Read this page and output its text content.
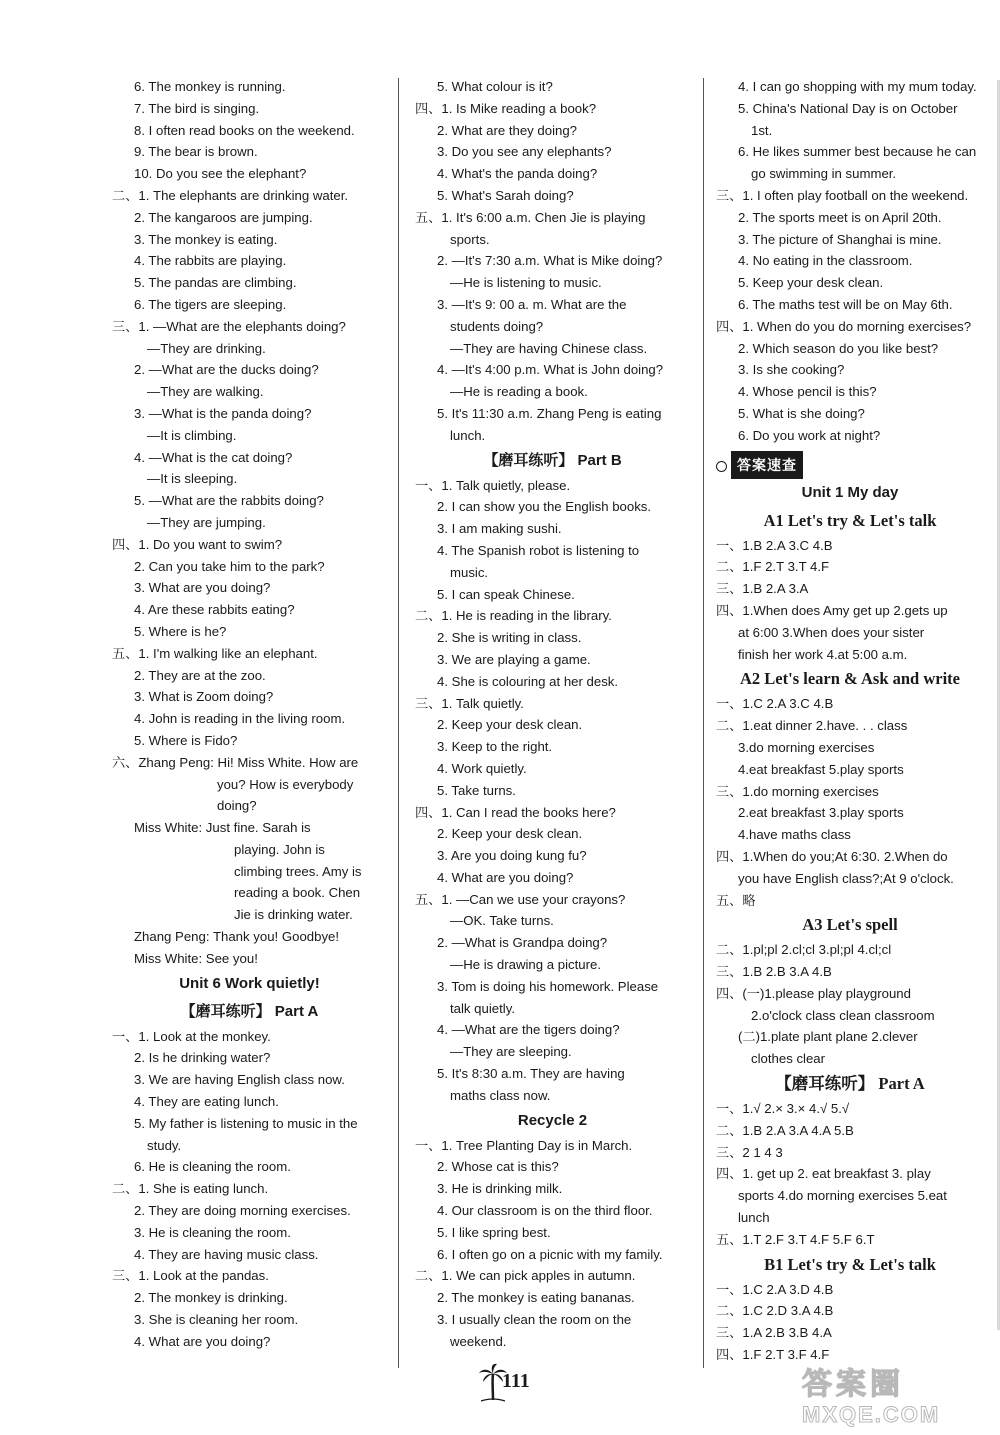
6. The monkey is running.
7. The bird is singing.
8. I often read books on the weekend.
9. The bear is brown.
10. Do you see the elephant?
二、1. The elephants are drinking water.
2. The kangaroos are jumping.
3. The monkey is eating.
4. The rabbits are playing.
5. The pandas are climbing.
6. The tigers are sleeping.
三、1. —What are the elephants doing?
—They are drinking.
2. —What are the ducks doing?
—They are walking.
3. —What is the panda doing?
—It is climbing.
4. —What is the cat doing?
—It is sleeping.
5. —What are the rabbits doing?
—They are jumping.
四、1. Do you want to swim?
2. Can you take him to the park?
3. What are you doing?
4. Are these rabbits eating?
5. Where is he?
五、1. I'm walking like an elephant.
2. They are at the zoo.
3. What is Zoom doing?
4. John is reading in the living room.
5. Where is Fido?
六、Zhang Peng: Hi! Miss White. How are
you? How is everybody
doing?
Miss White: Just fine. Sarah is
playing. John is
climbing trees. Amy is
reading a book. Chen
Jie is drinking water.
Zhang Peng: Thank you! Goodbye!
Miss White: See you!
Unit 6 Work quietly!
【磨耳练听】 Part A
一、1. Look at the monkey.
2. Is he drinking water?
3. We are having English class now.
4. They are eating lunch.
5. My father is listening to music in the
study.
6. He is cleaning the room.
二、1. She is eating lunch.
2. They are doing morning exercises.
3. He is cleaning the room.
4. They are having music class.
三、1. Look at the pandas.
2. The monkey is drinking.
3. She is cleaning her room.
4. What are you doing?
5. What colour is it?
四、1. Is Mike reading a book?
2. What are they doing?
3. Do you see any elephants?
4. What's the panda doing?
5. What's Sarah doing?
五、1. It's 6:00 a.m. Chen Jie is playing
sports.
2. —It's 7:30 a.m. What is Mike doing?
—He is listening to music.
3. —It's 9: 00 a. m. What are the
students doing?
—They are having Chinese class.
4. —It's 4:00 p.m. What is John doing?
—He is reading a book.
5. It's 11:30 a.m. Zhang Peng is eating
lunch.
【磨耳练听】 Part B
一、1. Talk quietly, please.
2. I can show you the English books.
3. I am making sushi.
4. The Spanish robot is listening to
music.
5. I can speak Chinese.
二、1. He is reading in the library.
2. She is writing in class.
3. We are playing a game.
4. She is colouring at her desk.
三、1. Talk quietly.
2. Keep your desk clean.
3. Keep to the right.
4. Work quietly.
5. Take turns.
四、1. Can I read the books here?
2. Keep your desk clean.
3. Are you doing kung fu?
4. What are you doing?
五、1. —Can we use your crayons?
—OK. Take turns.
2. —What is Grandpa doing?
—He is drawing a picture.
3. Tom is doing his homework. Please
talk quietly.
4. —What are the tigers doing?
—They are sleeping.
5. It's 8:30 a.m. They are having
maths class now.
Recycle 2
一、1. Tree Planting Day is in March.
2. Whose cat is this?
3. He is drinking milk.
4. Our classroom is on the third floor.
5. I like spring best.
6. I often go on a picnic with my family.
二、1. We can pick apples in autumn.
2. The monkey is eating bananas.
3. I usually clean the room on the
weekend.
4. I can go shopping with my mum today.
5. China's National Day is on October
1st.
6. He likes summer best because he can
go swimming in summer.
三、1. I often play football on the weekend.
2. The sports meet is on April 20th.
3. The picture of Shanghai is mine.
4. No eating in the classroom.
5. Keep your desk clean.
6. The maths test will be on May 6th.
四、1. When do you do morning exercises?
2. Which season do you like best?
3. Is she cooking?
4. Whose pencil is this?
5. What is she doing?
6. Do you work at night?
答案速查
Unit 1 My day
A1 Let's try & Let's talk
一、1.B 2.A 3.C 4.B
二、1.F 2.T 3.T 4.F
三、1.B 2.A 3.A
四、1.When does Amy get up 2.gets up
at 6:00 3.When does your sister
finish her work 4.at 5:00 a.m.
A2 Let's learn & Ask and write
一、1.C 2.A 3.C 4.B
二、1.eat dinner 2.have. . . class
3.do morning exercises
4.eat breakfast 5.play sports
三、1.do morning exercises
2.eat breakfast 3.play sports
4.have maths class
四、1.When do you;At 6:30. 2.When do
you have English class?;At 9 o'clock.
五、略
A3 Let's spell
二、1.pl;pl 2.cl;cl 3.pl;pl 4.cl;cl
三、1.B 2.B 3.A 4.B
四、(一)1.please play playground
2.o'clock class clean classroom
(二)1.plate plant plane 2.clever
clothes clear
【磨耳练听】 Part A
一、1.√ 2.× 3.× 4.√ 5.√
二、1.B 2.A 3.A 4.A 5.B
三、2 1 4 3
四、1. get up 2. eat breakfast 3. play
sports 4.do morning exercises 5.eat
lunch
五、1.T 2.F 3.T 4.F 5.F 6.T
B1 Let's try & Let's talk
一、1.C 2.A 3.D 4.B
二、1.C 2.D 3.A 4.B
三、1.A 2.B 3.B 4.A
四、1.F 2.T 3.F 4.F
111	答案圈
MXQE.COM
